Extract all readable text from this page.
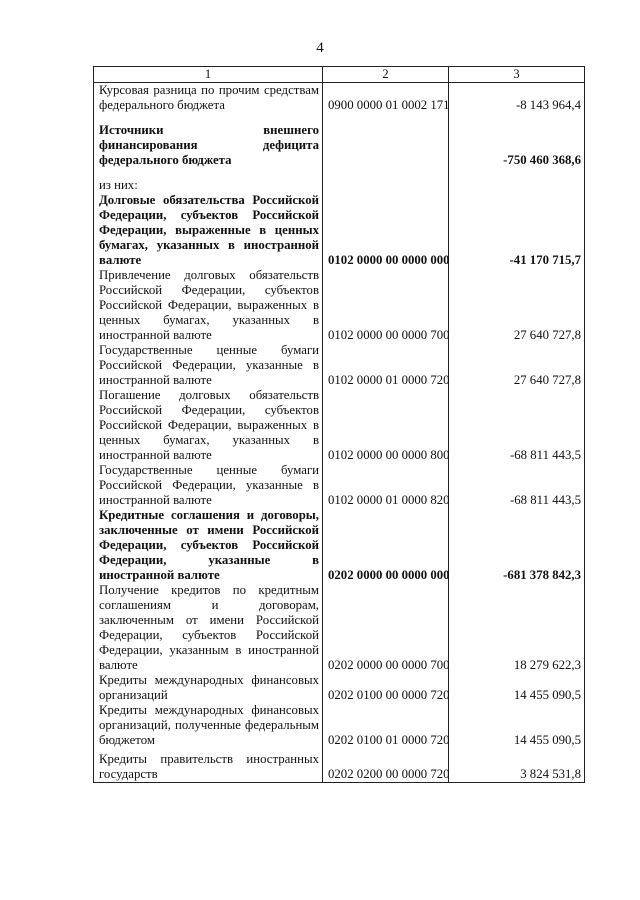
4
1	2	3
Курсовая разница по прочим средствам федерального бюджета	0900 0000 01 0002 171	-8 143 964,4
Источники внешнего финансирования дефицита федерального бюджета		-750 460 368,6
из них:		
Долговые обязательства Российской Федерации, субъектов Российской Федерации, выраженные в ценных бумагах, указанных в иностранной валюте	0102 0000 00 0000 000	-41 170 715,7
Привлечение долговых обязательств Российской Федерации, субъектов Российской Федерации, выраженных в ценных бумагах, указанных в иностранной валюте	0102 0000 00 0000 700	27 640 727,8
Государственные ценные бумаги Российской Федерации, указанные в иностранной валюте	0102 0000 01 0000 720	27 640 727,8
Погашение долговых обязательств Российской Федерации, субъектов Российской Федерации, выраженных в ценных бумагах, указанных в иностранной валюте	0102 0000 00 0000 800	-68 811 443,5
Государственные ценные бумаги Российской Федерации, указанные в иностранной валюте	0102 0000 01 0000 820	-68 811 443,5
Кредитные соглашения и договоры, заключенные от имени Российской Федерации, субъектов Российской Федерации, указанные в иностранной валюте	0202 0000 00 0000 000	-681 378 842,3
Получение кредитов по кредитным соглашениям и договорам, заключенным от имени Российской Федерации, субъектов Российской Федерации, указанным в иностранной валюте	0202 0000 00 0000 700	18 279 622,3
Кредиты международных финансовых организаций	0202 0100 00 0000 720	14 455 090,5
Кредиты международных финансовых организаций, полученные федеральным бюджетом	0202 0100 01 0000 720	14 455 090,5
Кредиты правительств иностранных государств	0202 0200 00 0000 720	3 824 531,8
